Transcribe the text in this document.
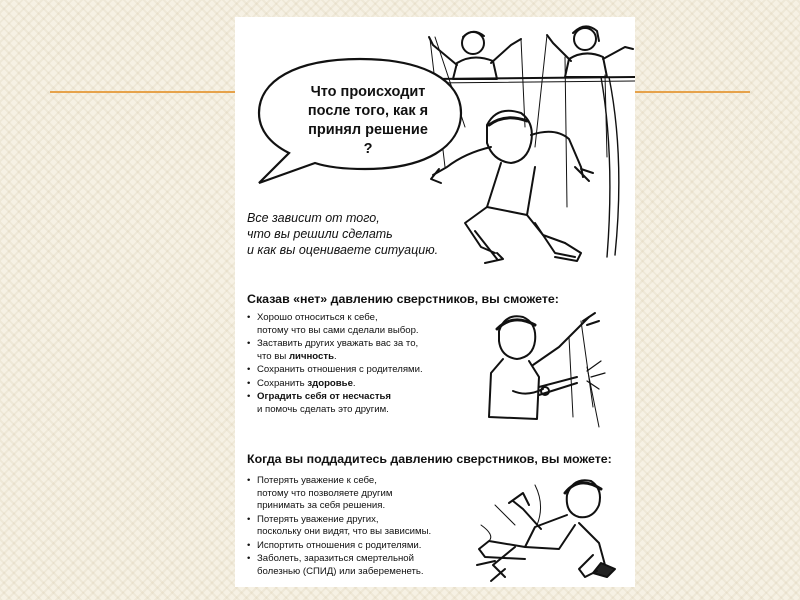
Что происходит
после того, как я
принял решение
?
Все зависит от того,
что вы решили сделать
и как вы оцениваете ситуацию.
Сказав «нет» давлению сверстников, вы сможете:
• Хорошо относиться к себе,
потому что вы сами сделали выбор.
• Заставить других уважать вас за то,
что вы личность.
• Сохранить отношения с родителями.
• Сохранить здоровье.
• Оградить себя от несчастья
и помочь сделать это другим.
Когда вы поддадитесь давлению сверстников, вы можете:
• Потерять уважение к себе,
потому что позволяете другим
принимать за себя решения.
• Потерять уважение других,
поскольку они видят, что вы зависимы.
• Испортить отношения с родителями.
• Заболеть, заразиться смертельной
болезнью (СПИД) или забеременеть.
